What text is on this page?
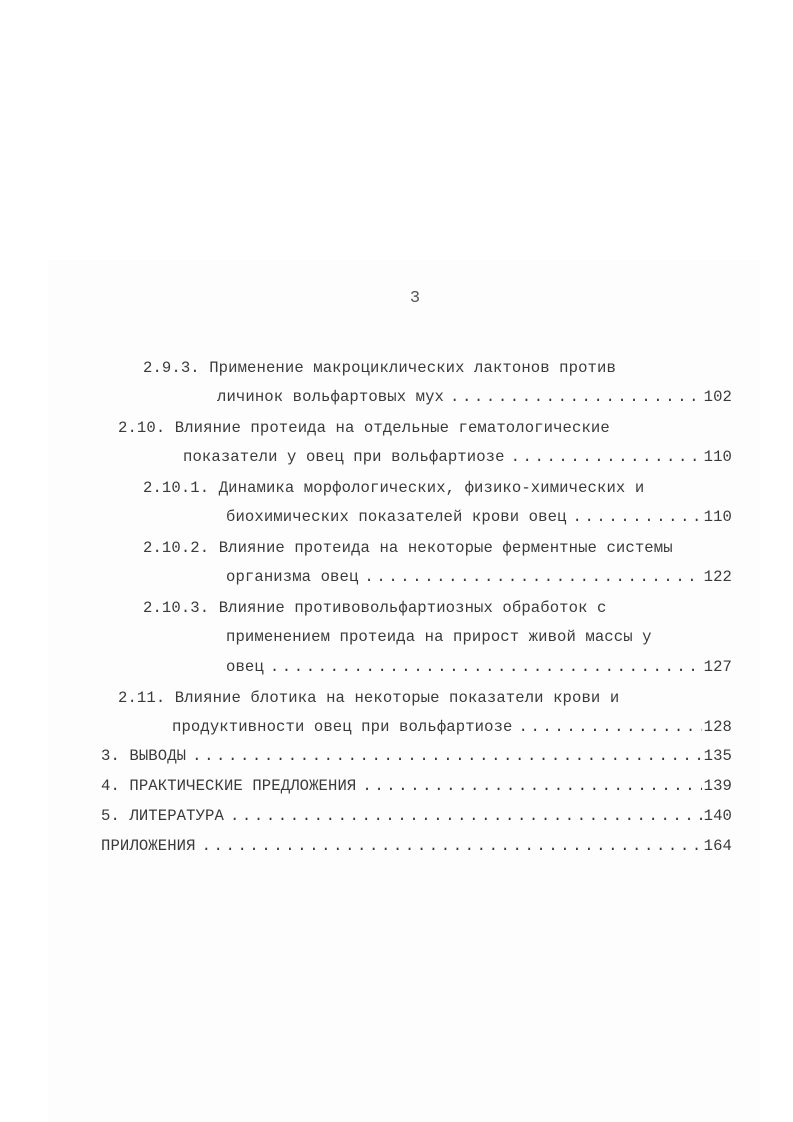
3
2.9.3. Применение макроциклических лактонов против
личинок вольфартовых мух .....	102
2.10. Влияние протеида на отдельные гематологические
показатели у овец при вольфартиозе .....	110
2.10.1. Динамика морфологических, физико-химических и
биохимических показателей крови овец .....	110
2.10.2. Влияние протеида на некоторые ферментные системы
организма овец .....	122
2.10.3. Влияние противовольфартиозных обработок с
применением протеида на прирост живой массы у
овец .....	127
2.11. Влияние блотика на некоторые показатели крови и
продуктивности овец при вольфартиозе .....	128
3. ВЫВОДЫ .....	135
4. ПРАКТИЧЕСКИЕ ПРЕДЛОЖЕНИЯ .....	139
5. ЛИТЕРАТУРА .....	140
ПРИЛОЖЕНИЯ .....	164
